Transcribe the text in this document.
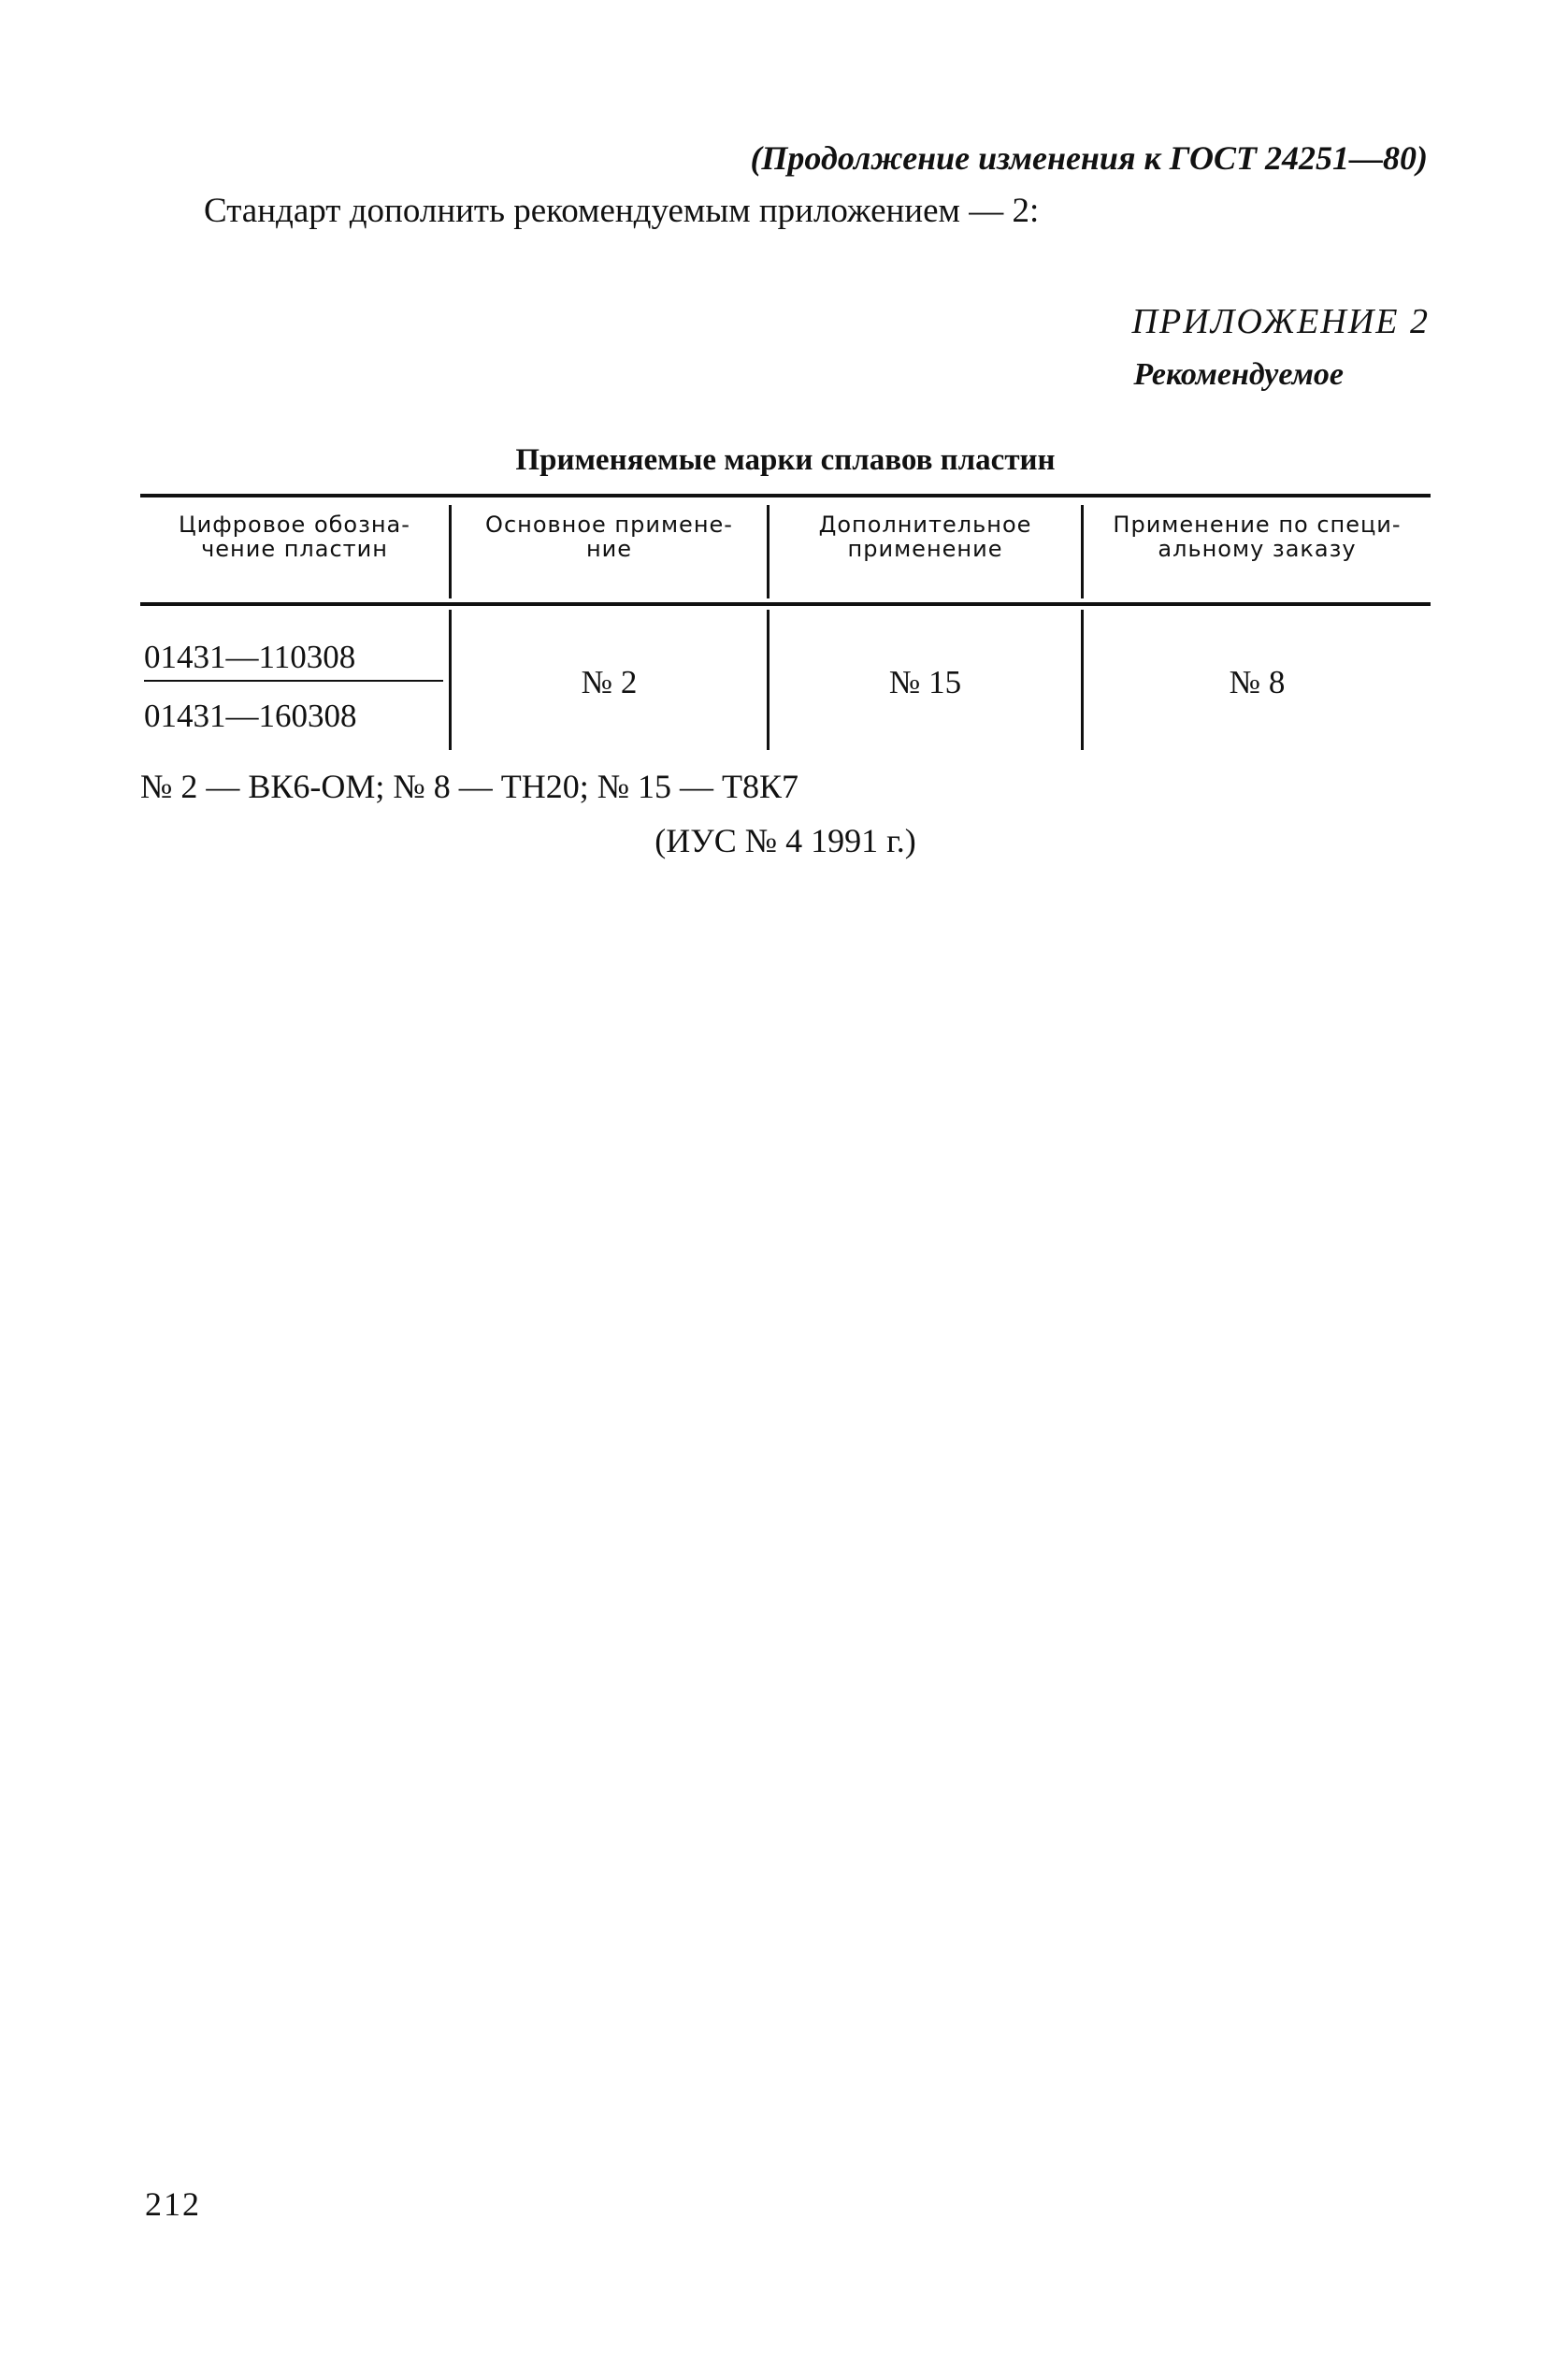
(Продолжение изменения к ГОСТ 24251—80)
Стандарт дополнить рекомендуемым приложением — 2:
ПРИЛОЖЕНИЕ 2
Рекомендуемое
Применяемые марки сплавов пластин
Цифровое обозна-
чение пластин
Основное примене-
ние
Дополнительное
применение
Применение по специ-
альному заказу
01431—110308
01431—160308
№ 2	№ 15	№ 8
№ 2 — ВК6-ОМ; № 8 — ТН20; № 15 — Т8К7
(ИУС № 4 1991 г.)
212
